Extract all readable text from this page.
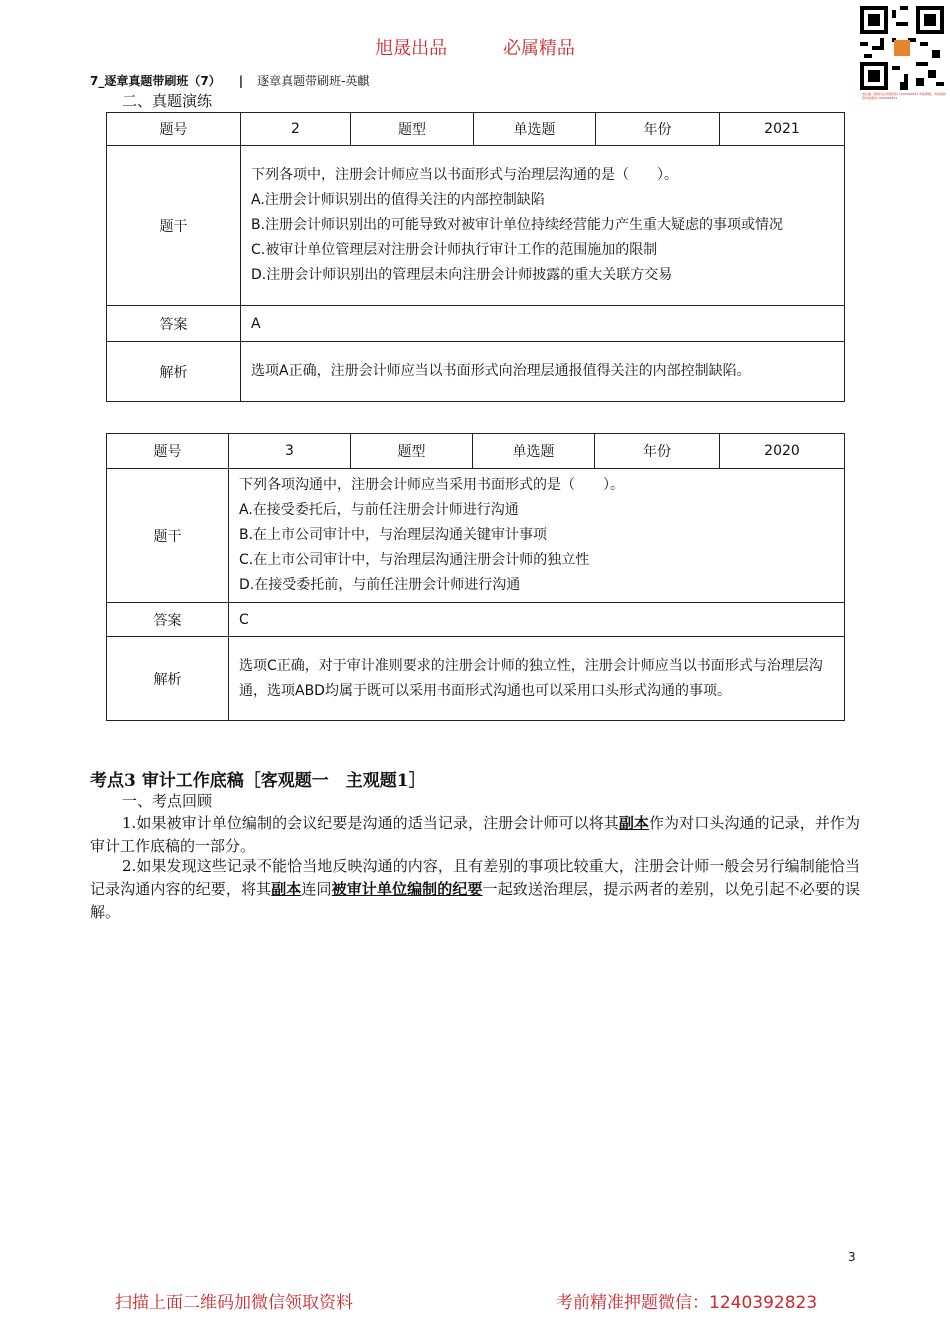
旭晟出品	必属精品
请扫描二维码关注领取资料 1240392823 考前押题，考前最新资料加微信 1240392823
7_逐章真题带刷班（7） | 逐章真题带刷班-英麒
二、真题演练
题号	2	题型	单选题	年份	2021
题干	下列各项中，注册会计师应当以书面形式与治理层沟通的是（　　）。
A.注册会计师识别出的值得关注的内部控制缺陷
B.注册会计师识别出的可能导致对被审计单位持续经营能力产生重大疑虑的事项或情况
C.被审计单位管理层对注册会计师执行审计工作的范围施加的限制
D.注册会计师识别出的管理层未向注册会计师披露的重大关联方交易				

答案	A				
解析	选项A正确，注册会计师应当以书面形式向治理层通报值得关注的内部控制缺陷。				
题号	3	题型	单选题	年份	2020
题干	下列各项沟通中，注册会计师应当采用书面形式的是（　　）。
A.在接受委托后，与前任注册会计师进行沟通
B.在上市公司审计中，与治理层沟通关键审计事项
C.在上市公司审计中，与治理层沟通注册会计师的独立性
D.在接受委托前，与前任注册会计师进行沟通				

答案	C				
解析	选项C正确，对于审计准则要求的注册会计师的独立性，注册会计师应当以书面形式与治理层沟通，选项ABD均属于既可以采用书面形式沟通也可以采用口头形式沟通的事项。				
考点3 审计工作底稿［客观题一　主观题1］
一、考点回顾
1.如果被审计单位编制的会议纪要是沟通的适当记录，注册会计师可以将其副本作为对口头沟通的记录，并作为审计工作底稿的一部分。
2.如果发现这些记录不能恰当地反映沟通的内容，且有差别的事项比较重大，注册会计师一般会另行编制能恰当记录沟通内容的纪要，将其副本连同被审计单位编制的纪要一起致送治理层，提示两者的差别，以免引起不必要的误解。
3
扫描上面二维码加微信领取资料	考前精准押题微信：1240392823
